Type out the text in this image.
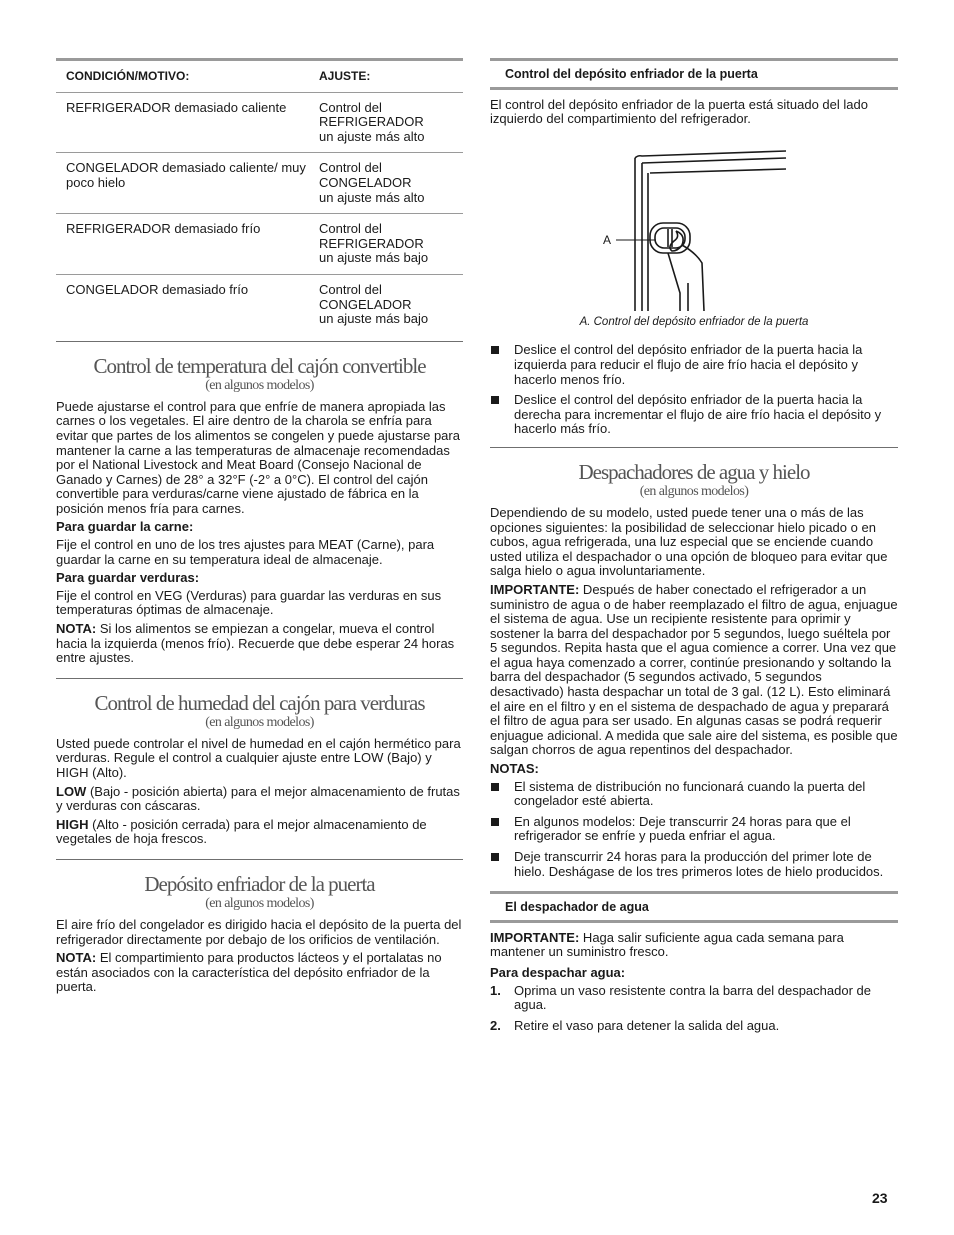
CONDICIÓN/MOTIVO:	AJUSTE:
REFRIGERADOR demasiado caliente	Control del
REFRIGERADOR
un ajuste más alto
CONGELADOR demasiado caliente/ muy poco hielo	Control del
CONGELADOR
un ajuste más alto
REFRIGERADOR demasiado frío	Control del
REFRIGERADOR
un ajuste más bajo
CONGELADOR demasiado frío	Control del
CONGELADOR
un ajuste más bajo
Control de temperatura del cajón convertible
(en algunos modelos)

Puede ajustarse el control para que enfríe de manera apropiada las carnes o los vegetales. El aire dentro de la charola se enfría para evitar que partes de los alimentos se congelen y puede ajustarse para mantener la carne a las temperaturas de almacenaje recomendadas por el National Livestock and Meat Board (Consejo Nacional de Ganado y Carnes) de 28° a 32°F (-2° a 0°C). El control del cajón convertible para verduras/carne viene ajustado de fábrica en la posición menos fría para carnes.

Para guardar la carne:

Fije el control en uno de los tres ajustes para MEAT (Carne), para guardar la carne en su temperatura ideal de almacenaje.

Para guardar verduras:

Fije el control en VEG (Verduras) para guardar las verduras en sus temperaturas óptimas de almacenaje.

NOTA: Si los alimentos se empiezan a congelar, mueva el control hacia la izquierda (menos frío). Recuerde que debe esperar 24 horas entre ajustes.

Control de humedad del cajón para verduras
(en algunos modelos)

Usted puede controlar el nivel de humedad en el cajón hermético para verduras. Regule el control a cualquier ajuste entre LOW (Bajo) y HIGH (Alto).

LOW (Bajo - posición abierta) para el mejor almacenamiento de frutas y verduras con cáscaras.

HIGH (Alto - posición cerrada) para el mejor almacenamiento de vegetales de hoja frescos.

Depósito enfriador de la puerta
(en algunos modelos)

El aire frío del congelador es dirigido hacia el depósito de la puerta del refrigerador directamente por debajo de los orificios de ventilación.

NOTA: El compartimiento para productos lácteos y el portalatas no están asociados con la característica del depósito enfriador de la puerta.

Control del depósito enfriador de la puerta

El control del depósito enfriador de la puerta está situado del lado izquierdo del compartimiento del refrigerador.

A
A. Control del depósito enfriador de la puerta
Deslice el control del depósito enfriador de la puerta hacia la izquierda para reducir el flujo de aire frío hacia el depósito y hacerlo menos frío.
Deslice el control del depósito enfriador de la puerta hacia la derecha para incrementar el flujo de aire frío hacia el depósito y hacerlo más frío.
Despachadores de agua y hielo
(en algunos modelos)

Dependiendo de su modelo, usted puede tener una o más de las opciones siguientes: la posibilidad de seleccionar hielo picado o en cubos, agua refrigerada, una luz especial que se enciende cuando usted utiliza el despachador o una opción de bloqueo para evitar que salga hielo o agua involuntariamente.

IMPORTANTE: Después de haber conectado el refrigerador a un suministro de agua o de haber reemplazado el filtro de agua, enjuague el sistema de agua. Use un recipiente resistente para oprimir y sostener la barra del despachador por 5 segundos, luego suéltela por 5 segundos. Repita hasta que el agua comience a correr. Una vez que el agua haya comenzado a correr, continúe presionando y soltando la barra del despachador (5 segundos activado, 5 segundos desactivado) hasta despachar un total de 3 gal. (12 L). Esto eliminará el aire en el filtro y en el sistema de despachado de agua y preparará el filtro de agua para ser usado. En algunas casas se podrá requerir enjuague adicional. A medida que sale aire del sistema, es posible que salgan chorros de agua repentinos del despachador.

NOTAS:
El sistema de distribución no funcionará cuando la puerta del congelador esté abierta.
En algunos modelos: Deje transcurrir 24 horas para que el refrigerador se enfríe y pueda enfriar el agua.
Deje transcurrir 24 horas para la producción del primer lote de hielo. Deshágase de los tres primeros lotes de hielo producidos.
El despachador de agua

IMPORTANTE: Haga salir suficiente agua cada semana para mantener un suministro fresco.

Para despachar agua:
1. Oprima un vaso resistente contra la barra del despachador de agua.
2. Retire el vaso para detener la salida del agua.
23
